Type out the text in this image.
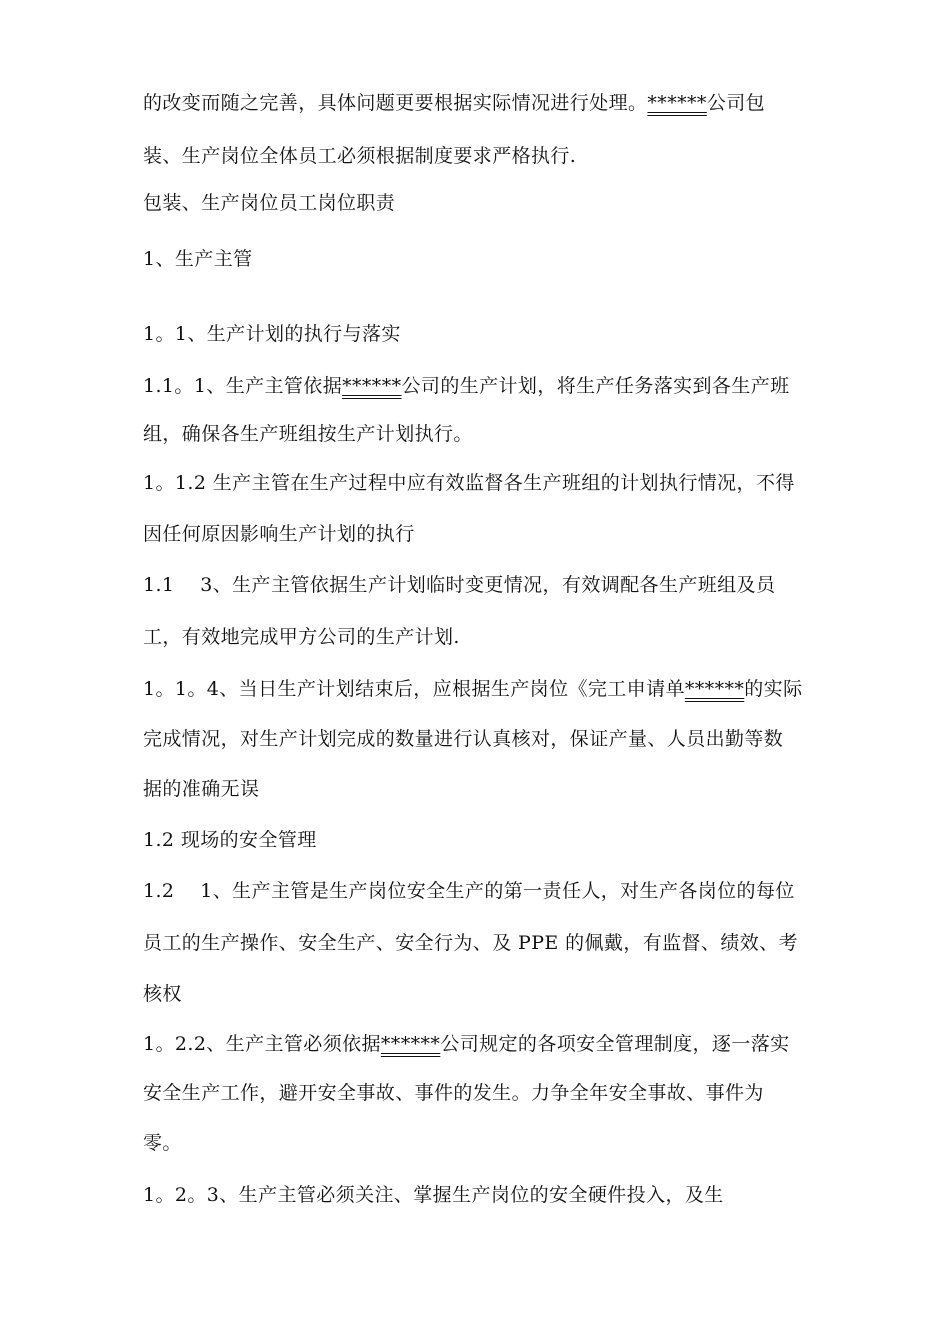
的改变而随之完善，具体问题更要根据实际情况进行处理。******公司包
装、生产岗位全体员工必须根据制度要求严格执行.
包装、生产岗位员工岗位职责
1、生产主管
1。1、生产计划的执行与落实
1.1。1、生产主管依据******公司的生产计划，将生产任务落实到各生产班
组，确保各生产班组按生产计划执行。
1。1.2 生产主管在生产过程中应有效监督各生产班组的计划执行情况，不得
因任何原因影响生产计划的执行
1.1　 3、生产主管依据生产计划临时变更情况，有效调配各生产班组及员
工，有效地完成甲方公司的生产计划.
1。1。4、当日生产计划结束后，应根据生产岗位《完工申请单******的实际
完成情况，对生产计划完成的数量进行认真核对，保证产量、人员出勤等数
据的准确无误
1.2 现场的安全管理
1.2　 1、生产主管是生产岗位安全生产的第一责任人，对生产各岗位的每位
员工的生产操作、安全生产、安全行为、及 PPE 的佩戴，有监督、绩效、考
核权
1。2.2、生产主管必须依据******公司规定的各项安全管理制度，逐一落实
安全生产工作，避开安全事故、事件的发生。力争全年安全事故、事件为
零。
1。2。3、生产主管必须关注、掌握生产岗位的安全硬件投入，及生
